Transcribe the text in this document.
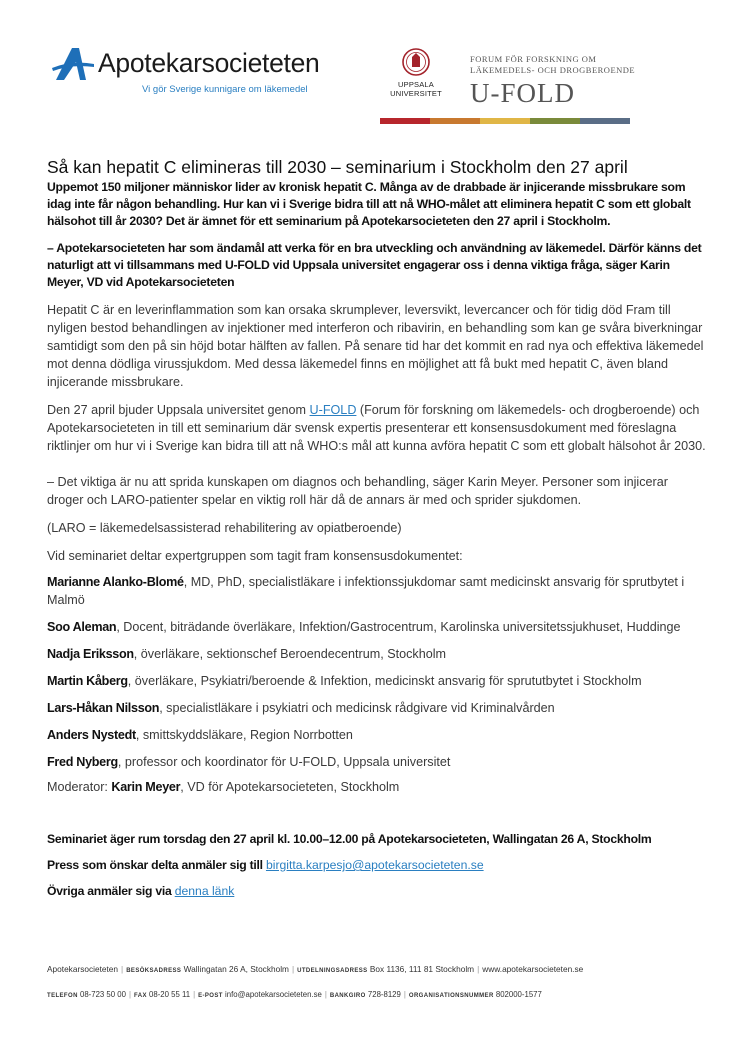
Apotekarsocieteten
Vi gör Sverige kunnigare om läkemedel	UPPSALA
UNIVERSITET
FORUM FÖR FORSKNING OM
LÄKEMEDELS- OCH DROGBEROENDE
U-FOLD
Så kan hepatit C elimineras till 2030 – seminarium i Stockholm den 27 april
Uppemot 150 miljoner människor lider av kronisk hepatit C. Många av de drabbade är injicerande missbrukare som idag inte får någon behandling. Hur kan vi i Sverige bidra till att nå WHO-målet att eliminera hepatit C som ett globalt hälsohot till år 2030? Det är ämnet för ett seminarium på Apotekarsocieteten den 27 april i Stockholm.
– Apotekarsocieteten har som ändamål att verka för en bra utveckling och användning av läkemedel. Därför känns det naturligt att vi tillsammans med U-FOLD vid Uppsala universitet engagerar oss i denna viktiga fråga, säger Karin Meyer, VD vid Apotekarsocieteten
Hepatit C är en leverinflammation som kan orsaka skrumplever, leversvikt, levercancer och för tidig död Fram till nyligen bestod behandlingen av injektioner med interferon och ribavirin, en behandling som kan ge svåra biverkningar samtidigt som den på sin höjd botar hälften av fallen. På senare tid har det kommit en rad nya och effektiva läkemedel mot denna dödliga virussjukdom. Med dessa läkemedel finns en möjlighet att få bukt med hepatit C, även bland injicerande missbrukare.
Den 27 april bjuder Uppsala universitet genom U-FOLD (Forum för forskning om läkemedels- och drogberoende) och Apotekarsocieteten in till ett seminarium där svensk expertis presenterar ett konsensusdokument med föreslagna riktlinjer om hur vi i Sverige kan bidra till att nå WHO:s mål att kunna avföra hepatit C som ett globalt hälsohot år 2030.
– Det viktiga är nu att sprida kunskapen om diagnos och behandling, säger Karin Meyer. Personer som injicerar droger och LARO-patienter spelar en viktig roll här då de annars är med och sprider sjukdomen.
(LARO = läkemedelsassisterad rehabilitering av opiatberoende)
Vid seminariet deltar expertgruppen som tagit fram konsensusdokumentet:
Marianne Alanko-Blomé, MD, PhD, specialistläkare i infektionssjukdomar samt medicinskt ansvarig för sprutbytet i Malmö
Soo Aleman, Docent, biträdande överläkare, Infektion/Gastrocentrum, Karolinska universitetssjukhuset, Huddinge
Nadja Eriksson, överläkare, sektionschef Beroendecentrum, Stockholm
Martin Kåberg, överläkare, Psykiatri/beroende & Infektion, medicinskt ansvarig för sprututbytet i Stockholm
Lars-Håkan Nilsson, specialistläkare i psykiatri och medicinsk rådgivare vid Kriminalvården
Anders Nystedt, smittskyddsläkare, Region Norrbotten
Fred Nyberg, professor och koordinator för U-FOLD, Uppsala universitet
Moderator: Karin Meyer, VD för Apotekarsocieteten, Stockholm
Seminariet äger rum torsdag den 27 april kl. 10.00–12.00 på Apotekarsocieteten, Wallingatan 26 A, Stockholm
Press som önskar delta anmäler sig till birgitta.karpesjo@apotekarsocieteten.se
Övriga anmäler sig via denna länk
Apotekarsocieteten | BESÖKSADRESS Wallingatan 26 A, Stockholm | UTDELNINGSADRESS Box 1136, 111 81 Stockholm | www.apotekarsocieteten.se
TELEFON 08-723 50 00 | FAX 08-20 55 11 | E-POST info@apotekarsocieteten.se | BANKGIRO 728-8129 | ORGANISATIONSNUMMER 802000-1577
